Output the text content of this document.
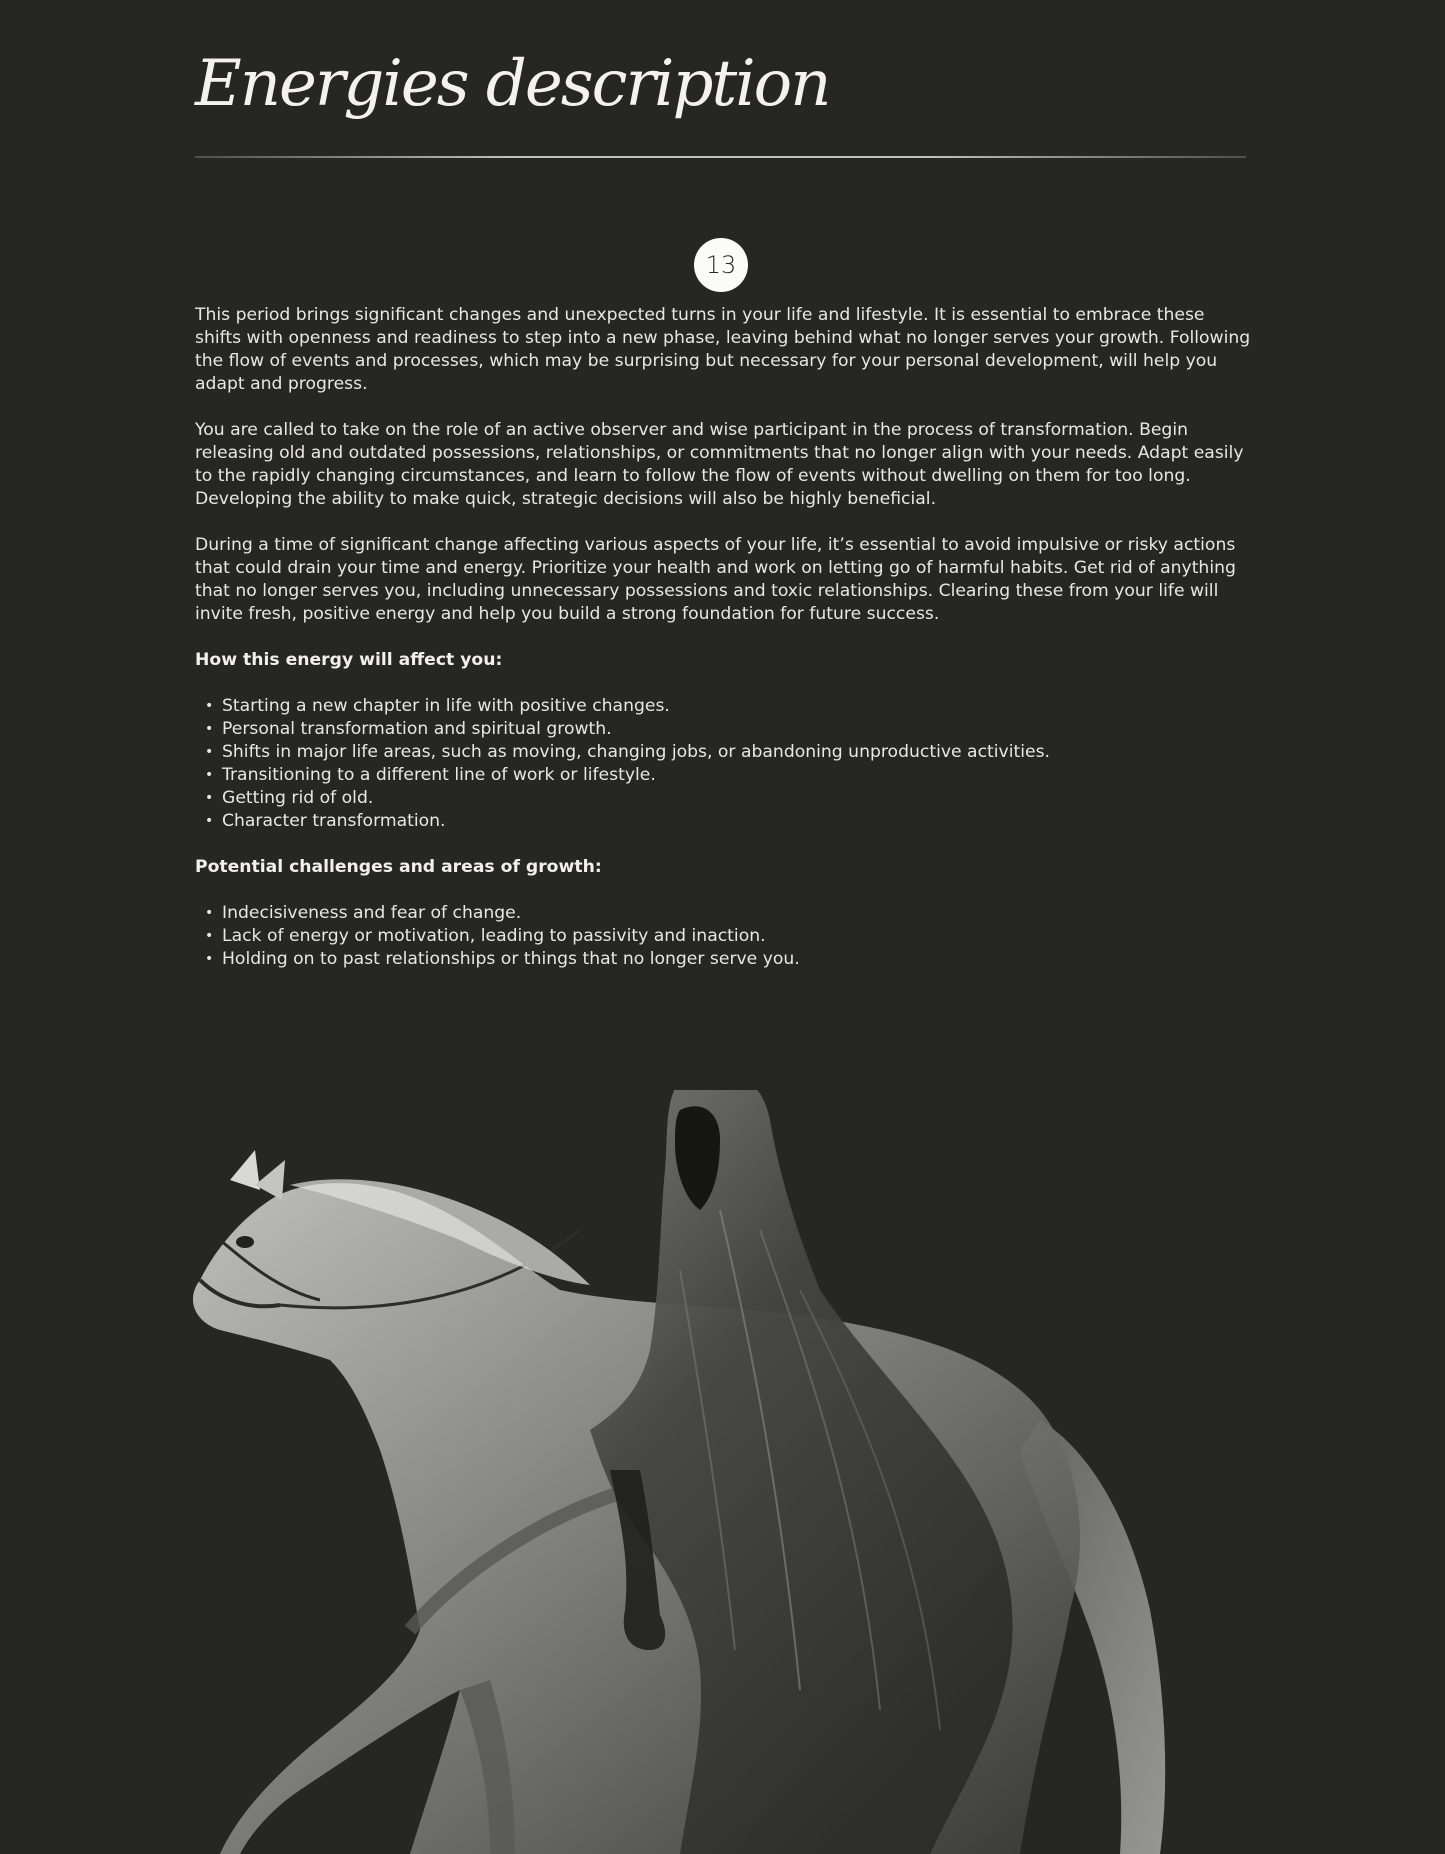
Energies description
13

This period brings significant changes and unexpected turns in your life and lifestyle. It is essential to embrace these shifts with openness and readiness to step into a new phase, leaving behind what no longer serves your growth. Following the flow of events and processes, which may be surprising but necessary for your personal development, will help you adapt and progress.

You are called to take on the role of an active observer and wise participant in the process of transformation. Begin releasing old and outdated possessions, relationships, or commitments that no longer align with your needs. Adapt easily to the rapidly changing circumstances, and learn to follow the flow of events without dwelling on them for too long. Developing the ability to make quick, strategic decisions will also be highly beneficial.

During a time of significant change affecting various aspects of your life, it’s essential to avoid impulsive or risky actions that could drain your time and energy. Prioritize your health and work on letting go of harmful habits. Get rid of anything that no longer serves you, including unnecessary possessions and toxic relationships. Clearing these from your life will invite fresh, positive energy and help you build a strong foundation for future success.

How this energy will affect you:
• Starting a new chapter in life with positive changes.
• Personal transformation and spiritual growth.
• Shifts in major life areas, such as moving, changing jobs, or abandoning unproductive activities.
• Transitioning to a different line of work or lifestyle.
• Getting rid of old.
• Character transformation.
Potential challenges and areas of growth:
• Indecisiveness and fear of change.
• Lack of energy or motivation, leading to passivity and inaction.
• Holding on to past relationships or things that no longer serve you.
